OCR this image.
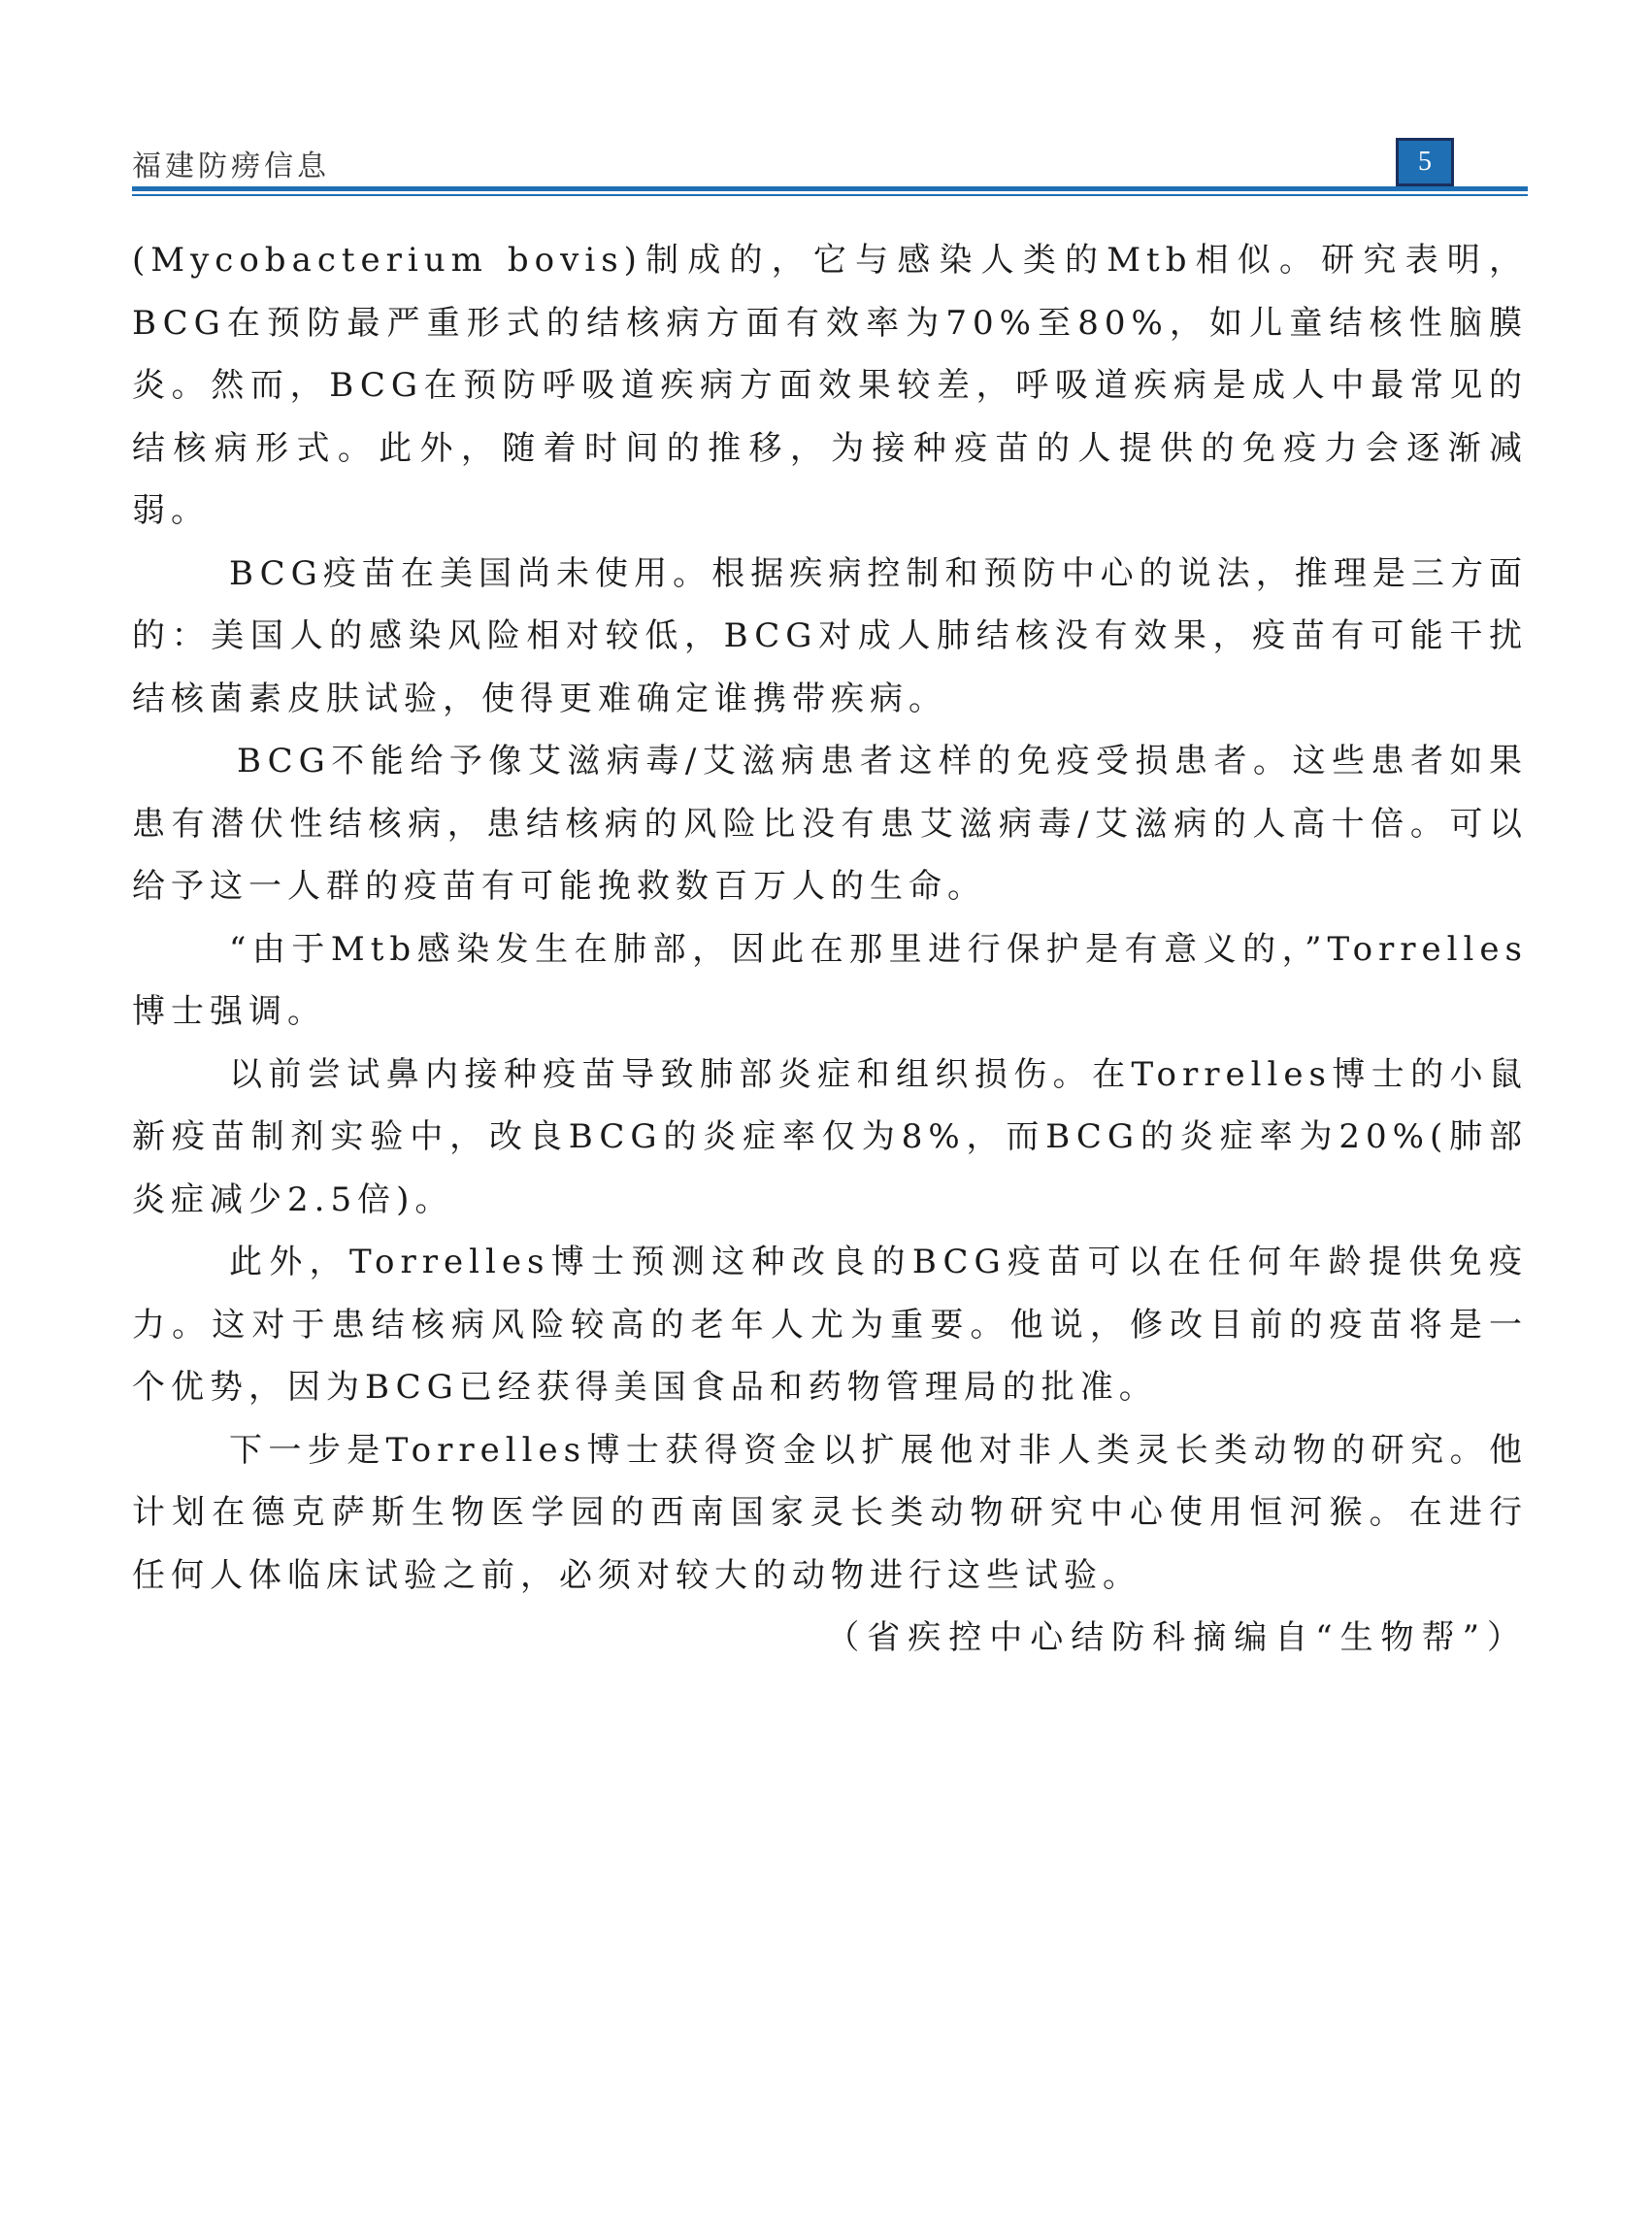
福建防痨信息	5

(Mycobacterium bovis)制成的，它与感染人类的Mtb相似。研究表明，BCG在预防最严重形式的结核病方面有效率为70%至80%，如儿童结核性脑膜炎。然而，BCG在预防呼吸道疾病方面效果较差，呼吸道疾病是成人中最常见的结核病形式。此外，随着时间的推移，为接种疫苗的人提供的免疫力会逐渐减弱。

BCG疫苗在美国尚未使用。根据疾病控制和预防中心的说法，推理是三方面的：美国人的感染风险相对较低，BCG对成人肺结核没有效果，疫苗有可能干扰结核菌素皮肤试验，使得更难确定谁携带疾病。

BCG不能给予像艾滋病毒/艾滋病患者这样的免疫受损患者。这些患者如果患有潜伏性结核病，患结核病的风险比没有患艾滋病毒/艾滋病的人高十倍。可以给予这一人群的疫苗有可能挽救数百万人的生命。

“由于Mtb感染发生在肺部，因此在那里进行保护是有意义的，”Torrelles博士强调。

以前尝试鼻内接种疫苗导致肺部炎症和组织损伤。在Torrelles博士的小鼠新疫苗制剂实验中，改良BCG的炎症率仅为8%，而BCG的炎症率为20%(肺部炎症减少2.5倍)。

此外，Torrelles博士预测这种改良的BCG疫苗可以在任何年龄提供免疫力。这对于患结核病风险较高的老年人尤为重要。他说，修改目前的疫苗将是一个优势，因为BCG已经获得美国食品和药物管理局的批准。

下一步是Torrelles博士获得资金以扩展他对非人类灵长类动物的研究。他计划在德克萨斯生物医学园的西南国家灵长类动物研究中心使用恒河猴。在进行任何人体临床试验之前，必须对较大的动物进行这些试验。

（省疾控中心结防科摘编自“生物帮”）
